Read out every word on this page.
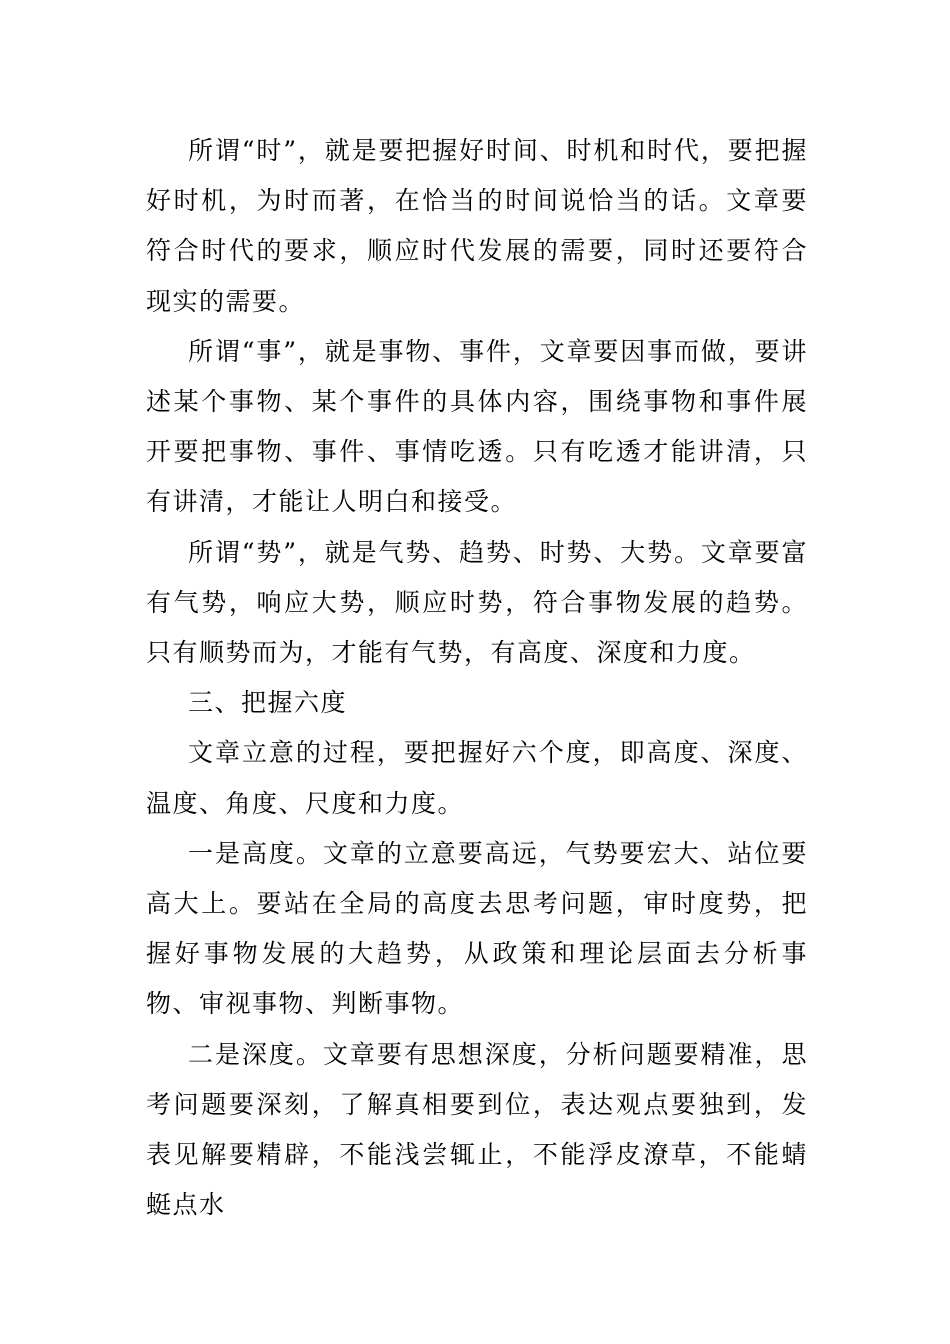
所谓“时”，就是要把握好时间、时机和时代，要把握好时机，为时而著，在恰当的时间说恰当的话。文章要符合时代的要求，顺应时代发展的需要，同时还要符合现实的需要。

所谓“事”，就是事物、事件，文章要因事而做，要讲述某个事物、某个事件的具体内容，围绕事物和事件展开要把事物、事件、事情吃透。只有吃透才能讲清，只有讲清，才能让人明白和接受。

所谓“势”，就是气势、趋势、时势、大势。文章要富有气势，响应大势，顺应时势，符合事物发展的趋势。只有顺势而为，才能有气势，有高度、深度和力度。

三、把握六度

文章立意的过程，要把握好六个度，即高度、深度、温度、角度、尺度和力度。

一是高度。文章的立意要高远，气势要宏大、站位要高大上。要站在全局的高度去思考问题，审时度势，把握好事物发展的大趋势，从政策和理论层面去分析事物、审视事物、判断事物。

二是深度。文章要有思想深度，分析问题要精准，思考问题要深刻，了解真相要到位，表达观点要独到，发表见解要精辟，不能浅尝辄止，不能浮皮潦草，不能蜻蜓点水
